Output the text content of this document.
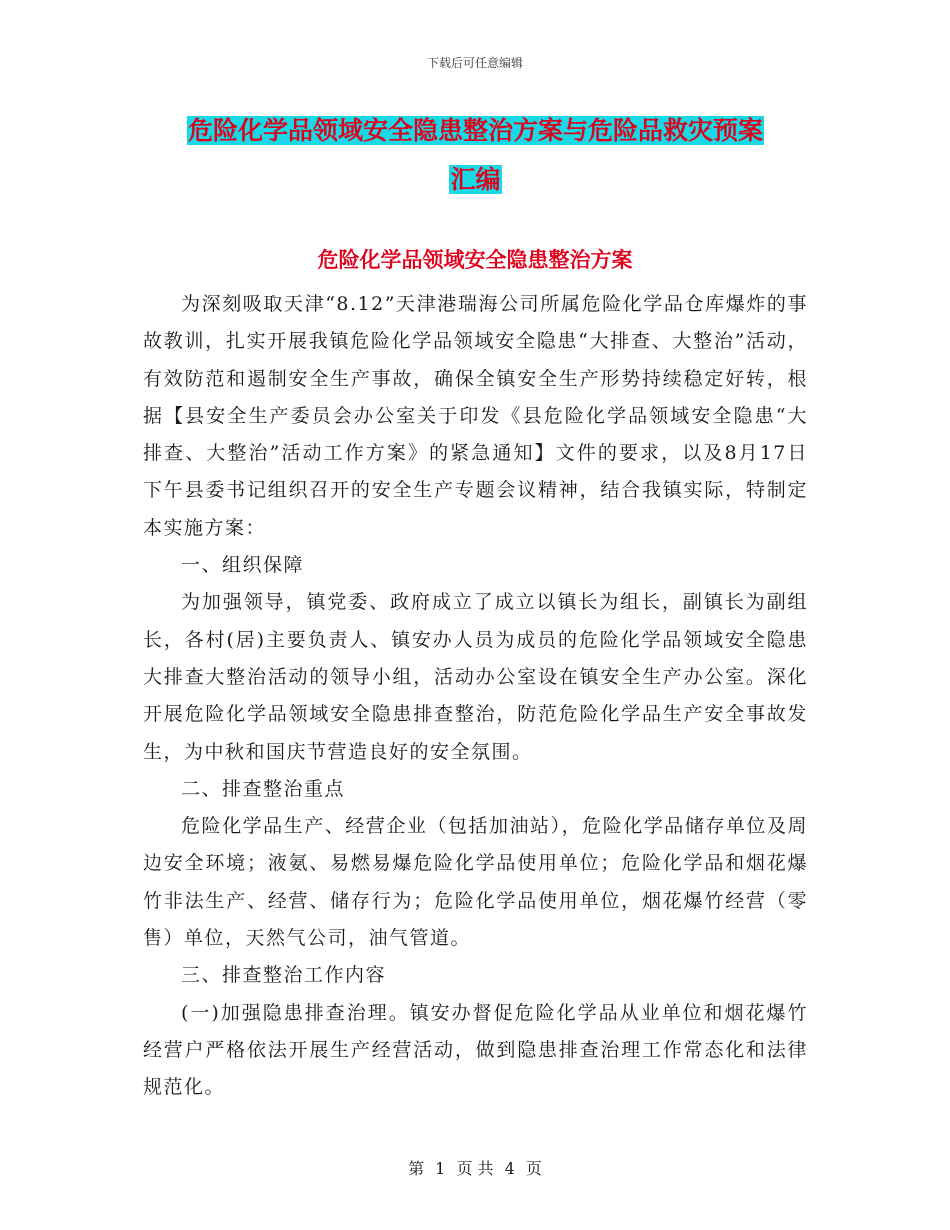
下载后可任意编辑
危险化学品领域安全隐患整治方案与危险品救灾预案
汇编
危险化学品领域安全隐患整治方案

为深刻吸取天津“8.12”天津港瑞海公司所属危险化学品仓库爆炸的事故教训，扎实开展我镇危险化学品领域安全隐患“大排查、大整治”活动，有效防范和遏制安全生产事故，确保全镇安全生产形势持续稳定好转，根据【县安全生产委员会办公室关于印发《县危险化学品领域安全隐患“大排查、大整治”活动工作方案》的紧急通知】文件的要求，以及8月17日下午县委书记组织召开的安全生产专题会议精神，结合我镇实际，特制定本实施方案：

一、组织保障

为加强领导，镇党委、政府成立了成立以镇长为组长，副镇长为副组长，各村(居)主要负责人、镇安办人员为成员的危险化学品领域安全隐患大排查大整治活动的领导小组，活动办公室设在镇安全生产办公室。深化开展危险化学品领域安全隐患排查整治，防范危险化学品生产安全事故发生，为中秋和国庆节营造良好的安全氛围。

二、排查整治重点

危险化学品生产、经营企业（包括加油站），危险化学品储存单位及周边安全环境；液氨、易燃易爆危险化学品使用单位；危险化学品和烟花爆竹非法生产、经营、储存行为；危险化学品使用单位，烟花爆竹经营（零售）单位，天然气公司，油气管道。

三、排查整治工作内容

(一)加强隐患排查治理。镇安办督促危险化学品从业单位和烟花爆竹经营户严格依法开展生产经营活动，做到隐患排查治理工作常态化和法律规范化。

第 1 页 共 4 页
